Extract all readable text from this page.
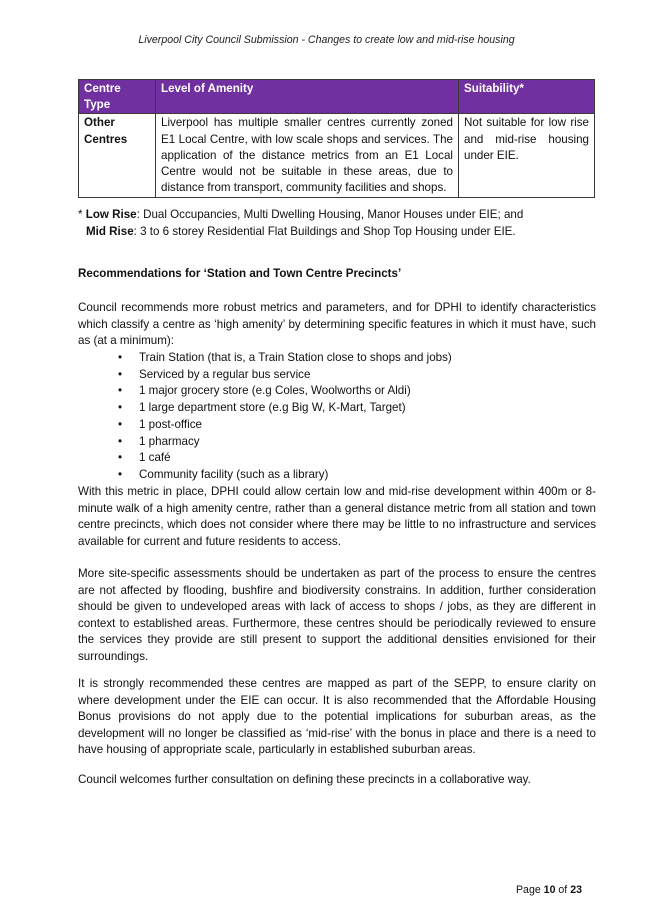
Liverpool City Council Submission - Changes to create low and mid-rise housing
Centre Type	Level of Amenity	Suitability*
Other Centres	Liverpool has multiple smaller centres currently zoned E1 Local Centre, with low scale shops and services. The application of the distance metrics from an E1 Local Centre would not be suitable in these areas, due to distance from transport, community facilities and shops.	Not suitable for low rise and mid-rise housing under EIE.
* Low Rise: Dual Occupancies, Multi Dwelling Housing, Manor Houses under EIE; and
Mid Rise: 3 to 6 storey Residential Flat Buildings and Shop Top Housing under EIE.
Recommendations for ‘Station and Town Centre Precincts’

Council recommends more robust metrics and parameters, and for DPHI to identify characteristics which classify a centre as ‘high amenity’ by determining specific features in which it must have, such as (at a minimum):

• Train Station (that is, a Train Station close to shops and jobs)
• Serviced by a regular bus service
• 1 major grocery store (e.g Coles, Woolworths or Aldi)
• 1 large department store (e.g Big W, K-Mart, Target)
• 1 post-office
• 1 pharmacy
• 1 café
• Community facility (such as a library)

With this metric in place, DPHI could allow certain low and mid-rise development within 400m or 8-minute walk of a high amenity centre, rather than a general distance metric from all station and town centre precincts, which does not consider where there may be little to no infrastructure and services available for current and future residents to access.

More site-specific assessments should be undertaken as part of the process to ensure the centres are not affected by flooding, bushfire and biodiversity constrains. In addition, further consideration should be given to undeveloped areas with lack of access to shops / jobs, as they are different in context to established areas. Furthermore, these centres should be periodically reviewed to ensure the services they provide are still present to support the additional densities envisioned for their surroundings.

It is strongly recommended these centres are mapped as part of the SEPP, to ensure clarity on where development under the EIE can occur. It is also recommended that the Affordable Housing Bonus provisions do not apply due to the potential implications for suburban areas, as the development will no longer be classified as ‘mid-rise’ with the bonus in place and there is a need to have housing of appropriate scale, particularly in established suburban areas.

Council welcomes further consultation on defining these precincts in a collaborative way.

Page 10 of 23
